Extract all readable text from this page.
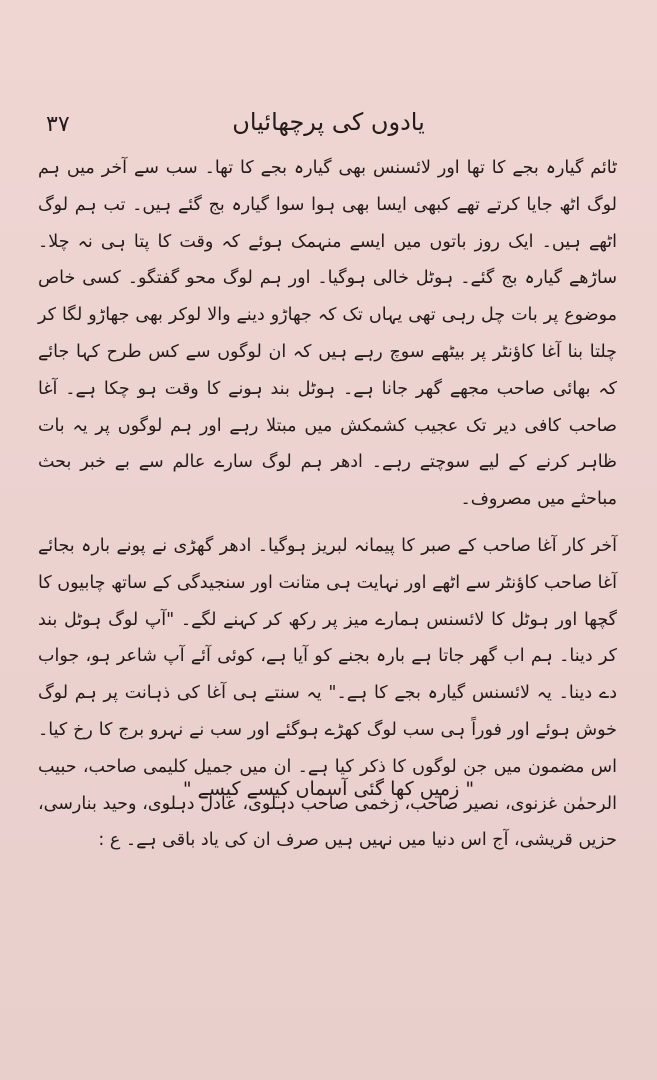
۳۷	یادوں کی پرچھائیاں

ٹائم گیارہ بجے کا تھا اور لائسنس بھی گیارہ بجے کا تھا۔ سب سے آخر میں ہم لوگ اٹھ جایا کرتے تھے کبھی ایسا بھی ہوا سوا گیارہ بج گئے ہیں۔ تب ہم لوگ اٹھے ہیں۔ ایک روز باتوں میں ایسے منہمک ہوئے کہ وقت کا پتا ہی نہ چلا۔ ساڑھے گیارہ بج گئے۔ ہوٹل خالی ہوگیا۔ اور ہم لوگ محو گفتگو۔ کسی خاص موضوع پر بات چل رہی تھی یہاں تک کہ جھاڑو دینے والا لوکر بھی جھاڑو لگا کر چلتا بنا آغا کاؤنٹر پر بیٹھے سوچ رہے ہیں کہ ان لوگوں سے کس طرح کہا جائے کہ بھائی صاحب مجھے گھر جانا ہے۔ ہوٹل بند ہونے کا وقت ہو چکا ہے۔ آغا صاحب کافی دیر تک عجیب کشمکش میں مبتلا رہے اور ہم لوگوں پر یہ بات ظاہر کرنے کے لیے سوچتے رہے۔ ادھر ہم لوگ سارے عالم سے بے خبر بحث مباحثے میں مصروف۔

آخر کار آغا صاحب کے صبر کا پیمانہ لبریز ہوگیا۔ ادھر گھڑی نے پونے بارہ بجائے آغا صاحب کاؤنٹر سے اٹھے اور نہایت ہی متانت اور سنجیدگی کے ساتھ چابیوں کا گچھا اور ہوٹل کا لائسنس ہمارے میز پر رکھ کر کہنے لگے۔ "آپ لوگ ہوٹل بند کر دینا۔ ہم اب گھر جاتا ہے بارہ بجنے کو آیا ہے، کوئی آئے آپ شاعر ہو، جواب دے دینا۔ یہ لائسنس گیارہ بجے کا ہے۔" یہ سنتے ہی آغا کی ذہانت پر ہم لوگ خوش ہوئے اور فوراً ہی سب لوگ کھڑے ہوگئے اور سب نے نہرو برج کا رخ کیا۔ اس مضمون میں جن لوگوں کا ذکر کیا ہے۔ ان میں جمیل کلیمی صاحب، حبیب الرحمٰن غزنوی، نصیر صاحب، زخمی صاحب دہلوی، عادل دہلوی، وحید بنارسی، حزیں قریشی، آج اس دنیا میں نہیں ہیں صرف ان کی یاد باقی ہے۔ ع :

" زمیں کھا گئی آسماں کیسے کیسے "
